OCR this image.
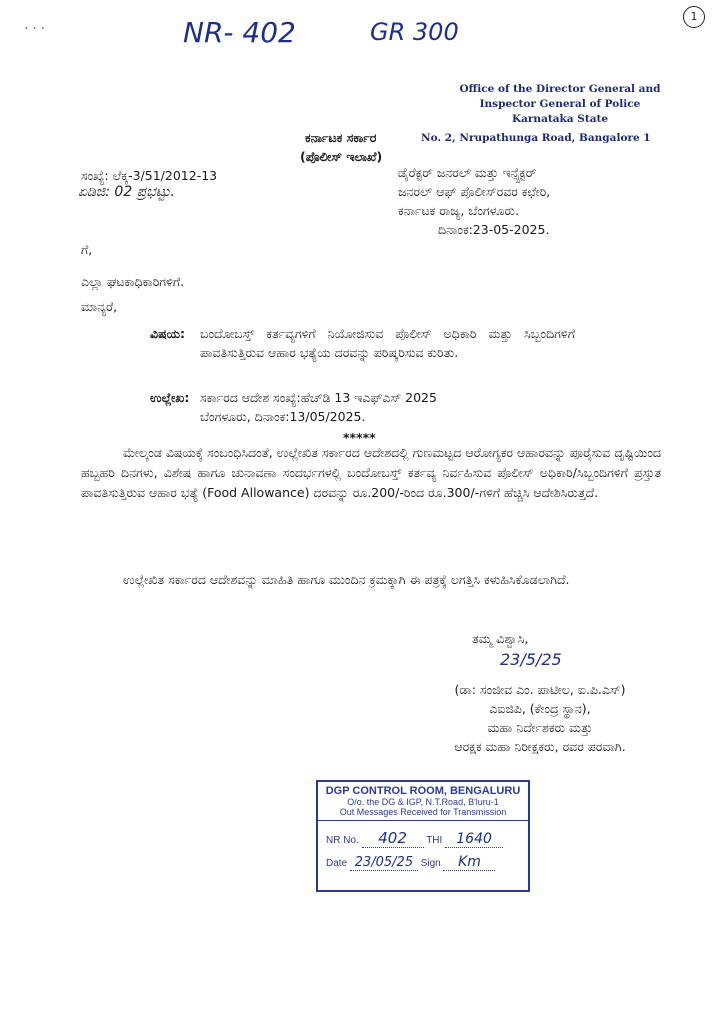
· · ·	NR- 402	GR 300
1
Office of the Director General and
Inspector General of Police
Karnataka State
No. 2, Nrupathunga Road, Bangalore 1
ಕರ್ನಾಟಕ ಸರ್ಕಾರ
(ಪೊಲೀಸ್ ಇಲಾಖೆ)
ಸಂಖ್ಯೆ: ಲೆಕ್ಕ-3/51/2012-13
ಏಡಿಜಿ: 02 ಪ್ರಭಟ್ಟು.
ಡೈರೆಕ್ಟರ್ ಜನರಲ್ ಮತ್ತು ಇನ್ಸ್ಪೆಕ್ಟರ್
ಜನರಲ್ ಆಫ್ ಪೊಲೀಸ್‌ರವರ ಕಛೇರಿ,
ಕರ್ನಾಟಕ ರಾಜ್ಯ, ಬೆಂಗಳೂರು.
ದಿನಾಂಕ:23-05-2025.
ಗೆ,
ಎಲ್ಲಾ ಘಟಕಾಧಿಕಾರಿಗಳಿಗೆ.
ಮಾನ್ಯರೆ,
ವಿಷಯ: ಬಂದೋಬಸ್ತ್ ಕರ್ತವ್ಯಗಳಿಗೆ ನಿಯೋಜಿಸುವ ಪೊಲೀಸ್ ಅಧಿಕಾರಿ ಮತ್ತು ಸಿಬ್ಬಂದಿಗಳಿಗೆ ಪಾವತಿಸುತ್ತಿರುವ ಆಹಾರ ಭತ್ಯೆಯ ದರವನ್ನು ಪರಿಷ್ಕರಿಸುವ ಕುರಿತು.
ಉಲ್ಲೇಖ: ಸರ್ಕಾರದ ಆದೇಶ ಸಂಖ್ಯೆ:ಹೆಚ್‌ಡಿ 13 ಇಎಫ್‌ಎಸ್ 2025
ಬೆಂಗಳೂರು, ದಿನಾಂಕ:13/05/2025.
*****
ಮೇಲ್ಕಂಡ ವಿಷಯಕ್ಕೆ ಸಂಬಂಧಿಸಿದಂತೆ, ಉಲ್ಲೇಖಿತ ಸರ್ಕಾರದ ಆದೇಶದಲ್ಲಿ ಗುಣಮಟ್ಟದ ಆರೋಗ್ಯಕರ ಆಹಾರವನ್ನು ಪೂರೈಸುವ ದೃಷ್ಟಿಯಿಂದ ಹಬ್ಬಹರಿ ದಿನಗಳು, ವಿಶೇಷ ಹಾಗೂ ಚುನಾವಣಾ ಸಂದರ್ಭಗಳಲ್ಲಿ ಬಂದೋಬಸ್ತ್ ಕರ್ತವ್ಯ ನಿರ್ವಹಿಸುವ ಪೊಲೀಸ್ ಅಧಿಕಾರಿ/ಸಿಬ್ಬಂದಿಗಳಿಗೆ ಪ್ರಸ್ತುತ ಪಾವತಿಸುತ್ತಿರುವ ಆಹಾರ ಭತ್ಯೆ (Food Allowance) ದರವನ್ನು ರೂ.200/-ರಿಂದ ರೂ.300/-ಗಳಿಗೆ ಹೆಚ್ಚಿಸಿ ಆದೇಶಿಸಿರುತ್ತದೆ.
ಉಲ್ಲೇಖಿತ ಸರ್ಕಾರದ ಆದೇಶವನ್ನು ಮಾಹಿತಿ ಹಾಗೂ ಮುಂದಿನ ಕ್ರಮಕ್ಕಾಗಿ ಈ ಪತ್ರಕ್ಕೆ ಲಗತ್ತಿಸಿ ಕಳುಹಿಸಿಕೊಡಲಾಗಿದೆ.
ತಮ್ಮ ವಿಶ್ವಾಸಿ,
23/5/25
(ಡಾ: ಸಂಜೀವ ಎಂ. ಪಾಟೀಲ, ಐ.ಪಿ.ಎಸ್)
ಎಐಜಿಪಿ, (ಕೇಂದ್ರ ಸ್ಥಾನ),
ಮಹಾ ನಿರ್ದೇಶಕರು ಮತ್ತು
ಆರಕ್ಷಕ ಮಹಾ ನಿರೀಕ್ಷಕರು, ರವರ ಪರವಾಗಿ.
DGP CONTROL ROOM, BENGALURU
O/o. the DG & IGP, N.T.Road, B'luru-1
Out Messages Received for Transmission
NR No. 402 THI 1640
Date 23/05/25 Sign Km
